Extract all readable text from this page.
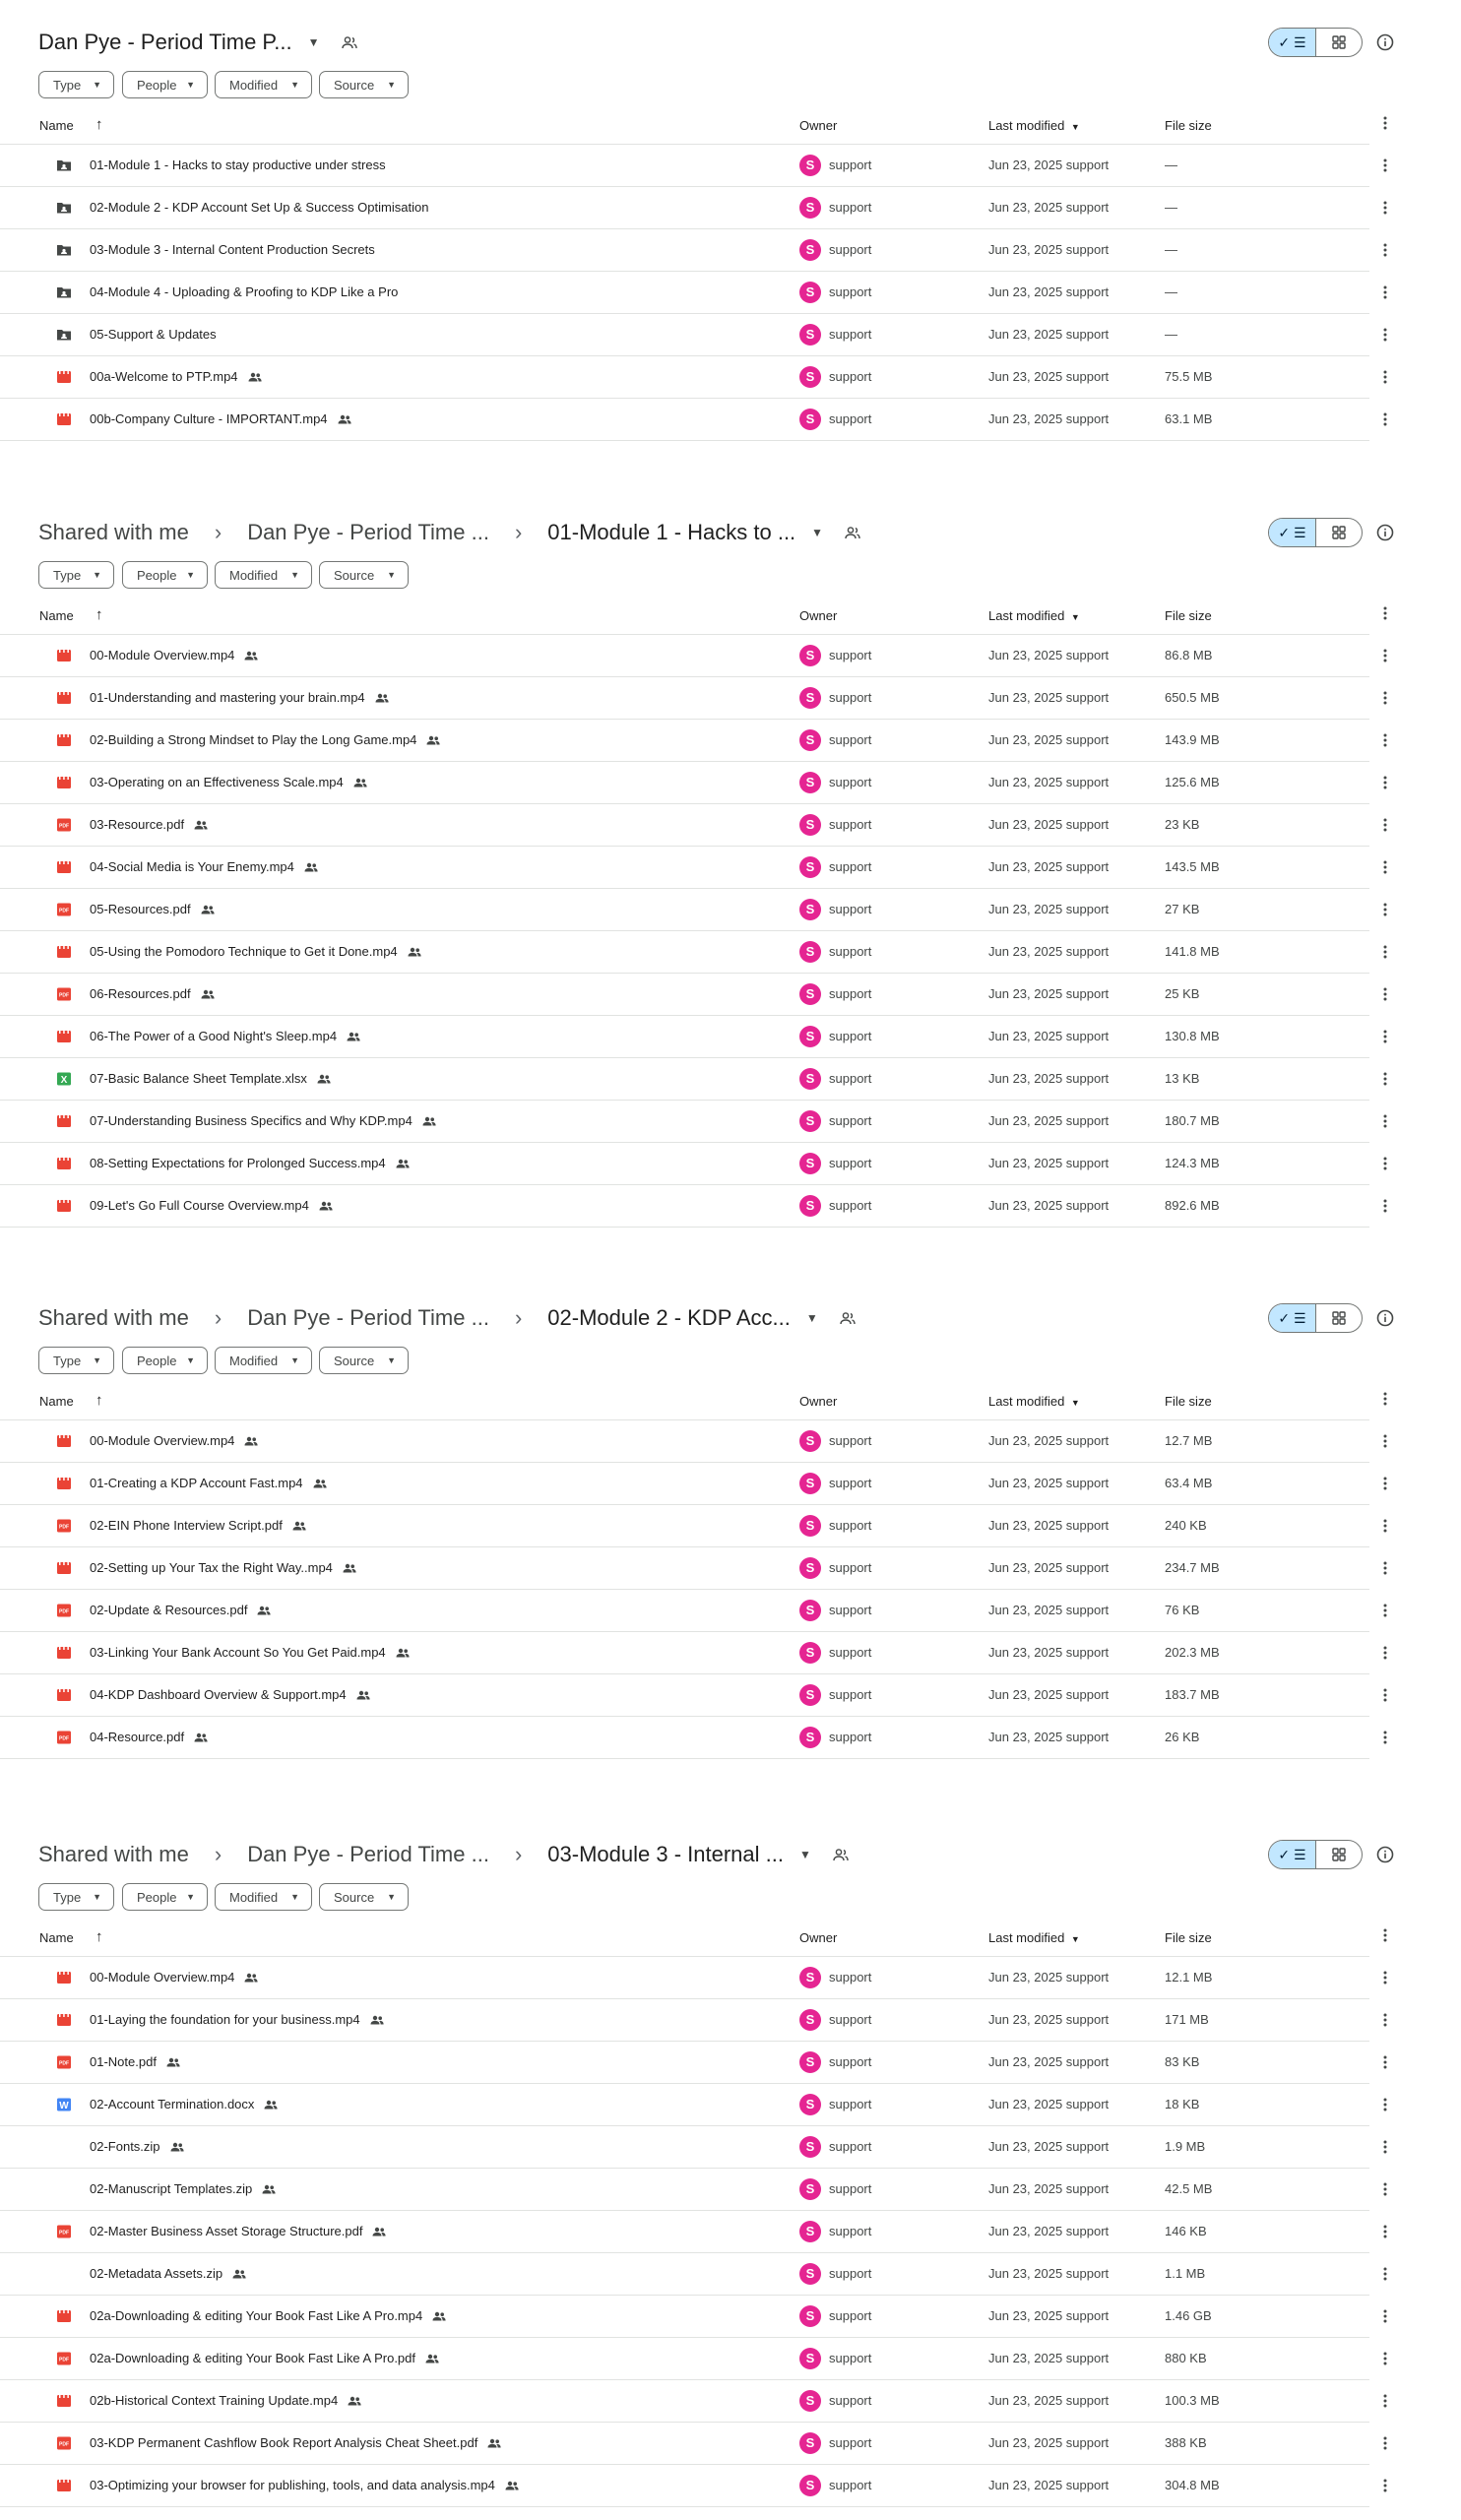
Dan Pye - Period Time P... ▼	✓ ☰
Type ▼	People ▼	Modified ▼	Source ▼
Name ↑	Owner	Last modified ▼	File size
01-Module 1 - Hacks to stay productive under stress	S	support	Jun 23, 2025 support	—
02-Module 2 - KDP Account Set Up & Success Optimisation	S	support	Jun 23, 2025 support	—
03-Module 3 - Internal Content Production Secrets	S	support	Jun 23, 2025 support	—
04-Module 4 - Uploading & Proofing to KDP Like a Pro	S	support	Jun 23, 2025 support	—
05-Support & Updates	S	support	Jun 23, 2025 support	—
00a-Welcome to PTP.mp4	S	support	Jun 23, 2025 support	75.5 MB
00b-Company Culture - IMPORTANT.mp4	S	support	Jun 23, 2025 support	63.1 MB
Shared with me › Dan Pye - Period Time ... › 01-Module 1 - Hacks to ... ▼	✓ ☰
Type ▼	People ▼	Modified ▼	Source ▼
Name ↑	Owner	Last modified ▼	File size
00-Module Overview.mp4	S	support	Jun 23, 2025 support	86.8 MB
01-Understanding and mastering your brain.mp4	S	support	Jun 23, 2025 support	650.5 MB
02-Building a Strong Mindset to Play the Long Game.mp4	S	support	Jun 23, 2025 support	143.9 MB
03-Operating on an Effectiveness Scale.mp4	S	support	Jun 23, 2025 support	125.6 MB
PDF 03-Resource.pdf	S	support	Jun 23, 2025 support	23 KB
04-Social Media is Your Enemy.mp4	S	support	Jun 23, 2025 support	143.5 MB
PDF 05-Resources.pdf	S	support	Jun 23, 2025 support	27 KB
05-Using the Pomodoro Technique to Get it Done.mp4	S	support	Jun 23, 2025 support	141.8 MB
PDF 06-Resources.pdf	S	support	Jun 23, 2025 support	25 KB
06-The Power of a Good Night's Sleep.mp4	S	support	Jun 23, 2025 support	130.8 MB
X 07-Basic Balance Sheet Template.xlsx	S	support	Jun 23, 2025 support	13 KB
07-Understanding Business Specifics and Why KDP.mp4	S	support	Jun 23, 2025 support	180.7 MB
08-Setting Expectations for Prolonged Success.mp4	S	support	Jun 23, 2025 support	124.3 MB
09-Let's Go Full Course Overview.mp4	S	support	Jun 23, 2025 support	892.6 MB
Shared with me › Dan Pye - Period Time ... › 02-Module 2 - KDP Acc... ▼	✓ ☰
Type ▼	People ▼	Modified ▼	Source ▼
Name ↑	Owner	Last modified ▼	File size
00-Module Overview.mp4	S	support	Jun 23, 2025 support	12.7 MB
01-Creating a KDP Account Fast.mp4	S	support	Jun 23, 2025 support	63.4 MB
PDF 02-EIN Phone Interview Script.pdf	S	support	Jun 23, 2025 support	240 KB
02-Setting up Your Tax the Right Way..mp4	S	support	Jun 23, 2025 support	234.7 MB
PDF 02-Update & Resources.pdf	S	support	Jun 23, 2025 support	76 KB
03-Linking Your Bank Account So You Get Paid.mp4	S	support	Jun 23, 2025 support	202.3 MB
04-KDP Dashboard Overview & Support.mp4	S	support	Jun 23, 2025 support	183.7 MB
PDF 04-Resource.pdf	S	support	Jun 23, 2025 support	26 KB
Shared with me › Dan Pye - Period Time ... › 03-Module 3 - Internal ... ▼	✓ ☰
Type ▼	People ▼	Modified ▼	Source ▼
Name ↑	Owner	Last modified ▼	File size
00-Module Overview.mp4	S	support	Jun 23, 2025 support	12.1 MB
01-Laying the foundation for your business.mp4	S	support	Jun 23, 2025 support	171 MB
PDF 01-Note.pdf	S	support	Jun 23, 2025 support	83 KB
W 02-Account Termination.docx	S	support	Jun 23, 2025 support	18 KB
02-Fonts.zip	S	support	Jun 23, 2025 support	1.9 MB
02-Manuscript Templates.zip	S	support	Jun 23, 2025 support	42.5 MB
PDF 02-Master Business Asset Storage Structure.pdf	S	support	Jun 23, 2025 support	146 KB
02-Metadata Assets.zip	S	support	Jun 23, 2025 support	1.1 MB
02a-Downloading & editing Your Book Fast Like A Pro.mp4	S	support	Jun 23, 2025 support	1.46 GB
PDF 02a-Downloading & editing Your Book Fast Like A Pro.pdf	S	support	Jun 23, 2025 support	880 KB
02b-Historical Context Training Update.mp4	S	support	Jun 23, 2025 support	100.3 MB
PDF 03-KDP Permanent Cashflow Book Report Analysis Cheat Sheet.pdf	S	support	Jun 23, 2025 support	388 KB
03-Optimizing your browser for publishing, tools, and data analysis.mp4	S	support	Jun 23, 2025 support	304.8 MB
